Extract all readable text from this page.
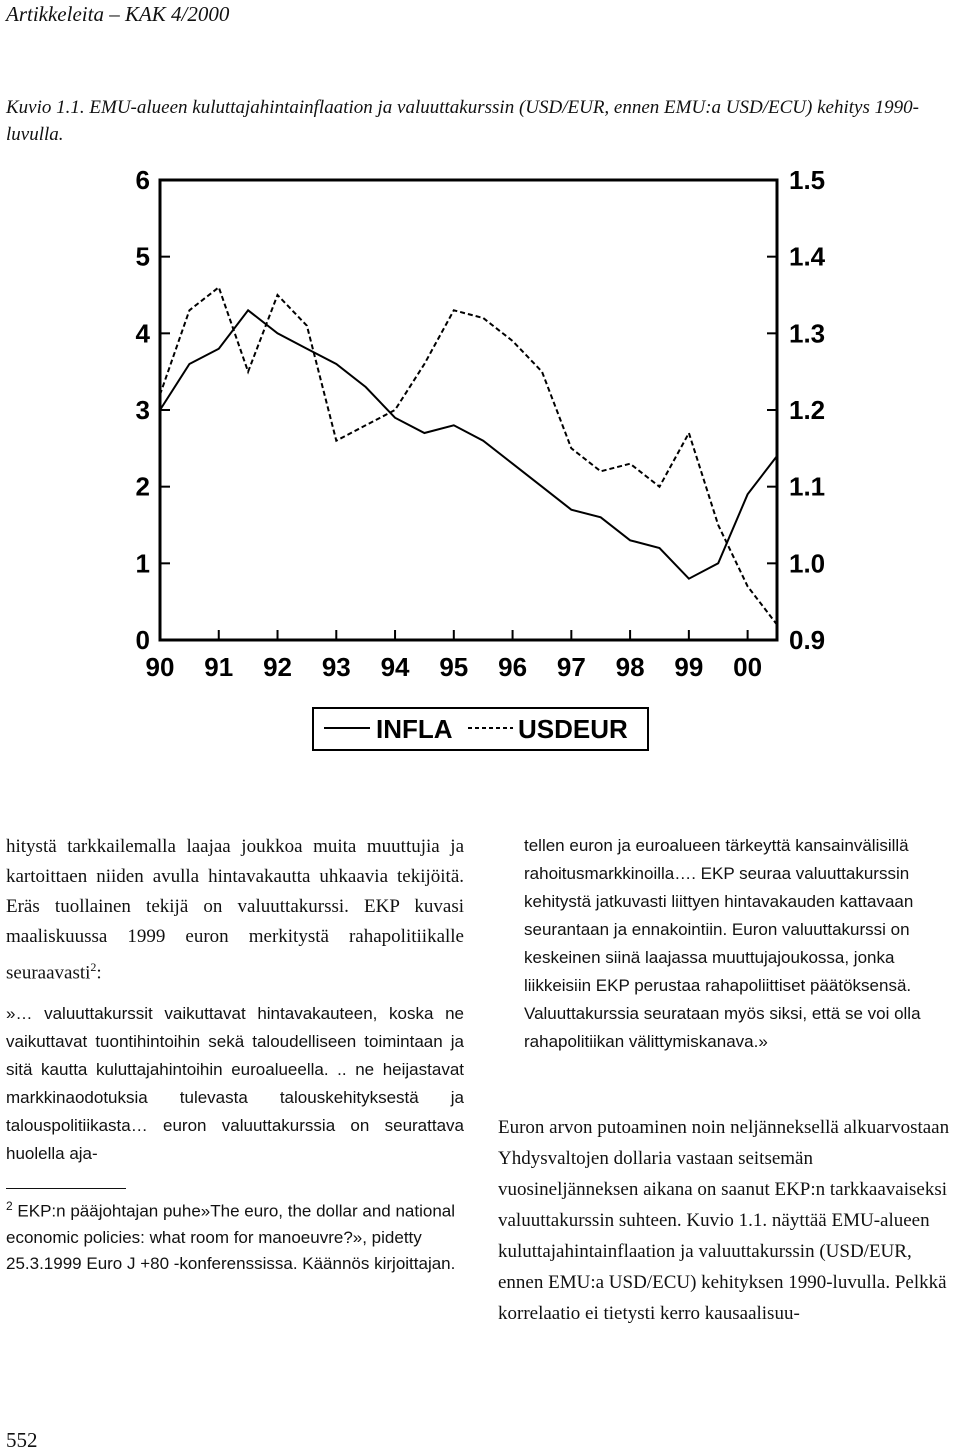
Artikkeleita – KAK 4/2000
Kuvio 1.1. EMU-alueen kuluttajahintainflaation ja valuuttakurssin (USD/EUR, ennen EMU:a USD/ECU) kehitys 1990-luvulla.
0
1
2
3
4
5
6
0.9
1.0
1.1
1.2
1.3
1.4
1.5
90 91 92 93 94 95 96 97 98 99 00
INFLA	USDEUR

hitystä tarkkailemalla laajaa joukkoa muita muuttujia ja kartoittaen niiden avulla hintavakautta uhkaavia tekijöitä. Eräs tuollainen tekijä on valuuttakurssi. EKP kuvasi maaliskuussa 1999 euron merkitystä rahapolitiikalle seuraavasti$^2$:

»… valuuttakurssit vaikuttavat hintavakauteen, koska ne vaikuttavat tuontihintoihin sekä taloudelliseen toimintaan ja sitä kautta kuluttajahintoihin euroalueella. .. ne heijastavat markkinaodotuksia tulevasta talouskehityksestä ja talouspolitiikasta… euron valuuttakurssia on seurattava huolella aja-

$^2$ EKP:n pääjohtajan puhe»The euro, the dollar and national economic policies: what room for manoeuvre?», pidetty 25.3.1999 Euro J +80 -konferenssissa. Käännös kirjoittajan.
tellen euron ja euroalueen tärkeyttä kansainvälisillä rahoitusmarkkinoilla…. EKP seuraa valuuttakurssin kehitystä jatkuvasti liittyen hintavakauden kattavaan seurantaan ja ennakointiin. Euron valuuttakurssi on keskeinen siinä laajassa muuttujajoukossa, jonka liikkeisiin EKP perustaa rahapoliittiset päätöksensä. Valuuttakurssia seurataan myös siksi, että se voi olla rahapolitiikan välittymiskanava.»
Euron arvon putoaminen noin neljänneksellä alkuarvostaan Yhdysvaltojen dollaria vastaan seitsemän vuosineljänneksen aikana on saanut EKP:n tarkkaavaiseksi valuuttakurssin suhteen. Kuvio 1.1. näyttää EMU-alueen kuluttajahintainflaation ja valuuttakurssin (USD/EUR, ennen EMU:a USD/ECU) kehityksen 1990-luvulla. Pelkkä korrelaatio ei tietysti kerro kausaalisuu-
552
